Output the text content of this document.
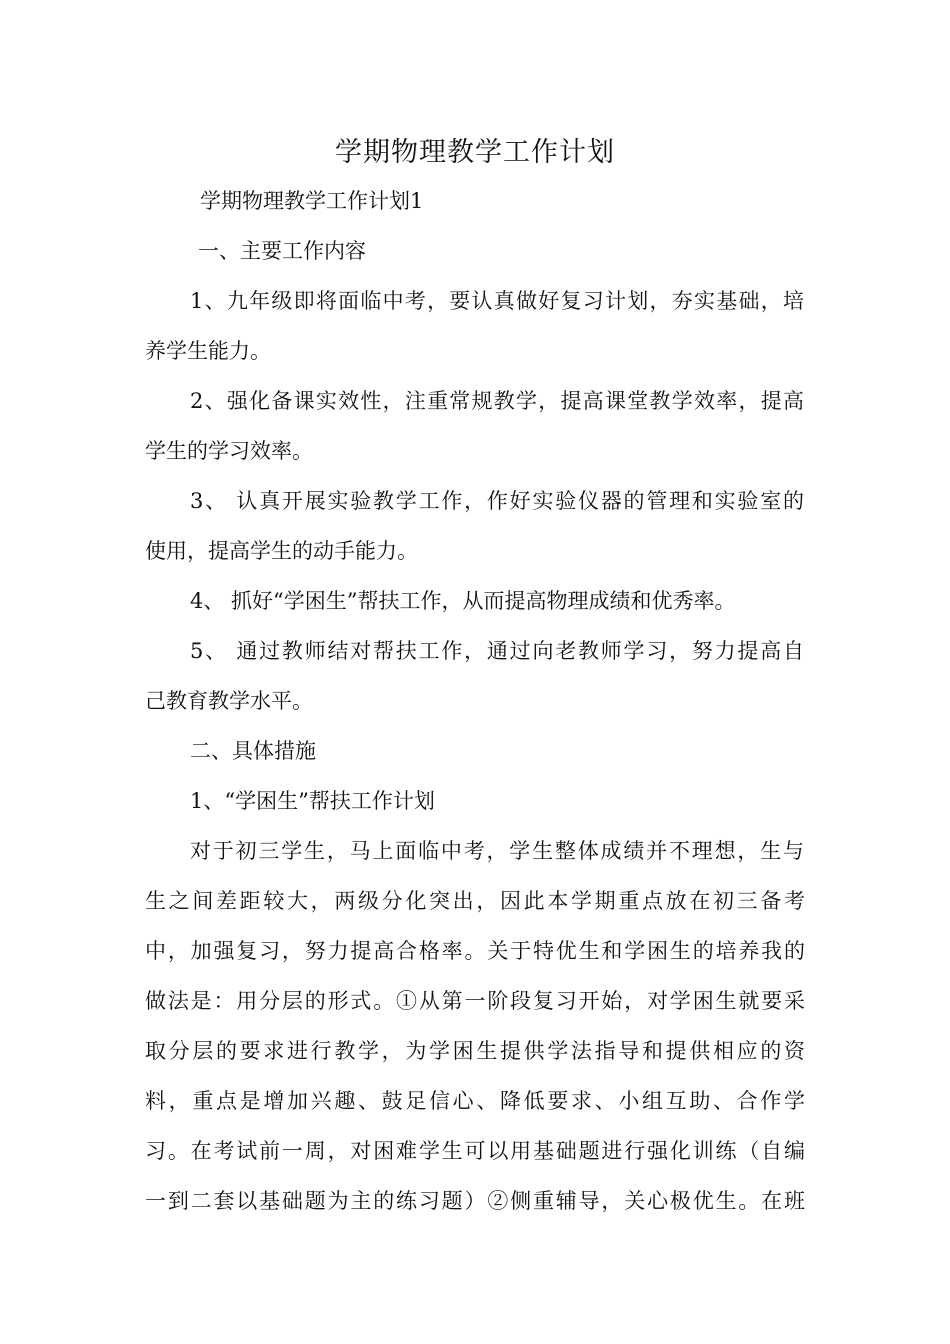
学期物理教学工作计划
学期物理教学工作计划1
一、主要工作内容
1、九年级即将面临中考，要认真做好复习计划，夯实基础，培
养学生能力。
2、强化备课实效性，注重常规教学，提高课堂教学效率，提高
学生的学习效率。
3、 认真开展实验教学工作，作好实验仪器的管理和实验室的
使用，提高学生的动手能力。
4、 抓好“学困生”帮扶工作，从而提高物理成绩和优秀率。
5、 通过教师结对帮扶工作，通过向老教师学习，努力提高自
己教育教学水平。
二、具体措施
1、“学困生”帮扶工作计划
对于初三学生，马上面临中考，学生整体成绩并不理想，生与
生之间差距较大，两级分化突出，因此本学期重点放在初三备考
中，加强复习，努力提高合格率。关于特优生和学困生的培养我的
做法是：用分层的形式。①从第一阶段复习开始，对学困生就要采
取分层的要求进行教学，为学困生提供学法指导和提供相应的资
料，重点是增加兴趣、鼓足信心、降低要求、小组互助、合作学
习。在考试前一周，对困难学生可以用基础题进行强化训练（自编
一到二套以基础题为主的练习题）②侧重辅导，关心极优生。在班
